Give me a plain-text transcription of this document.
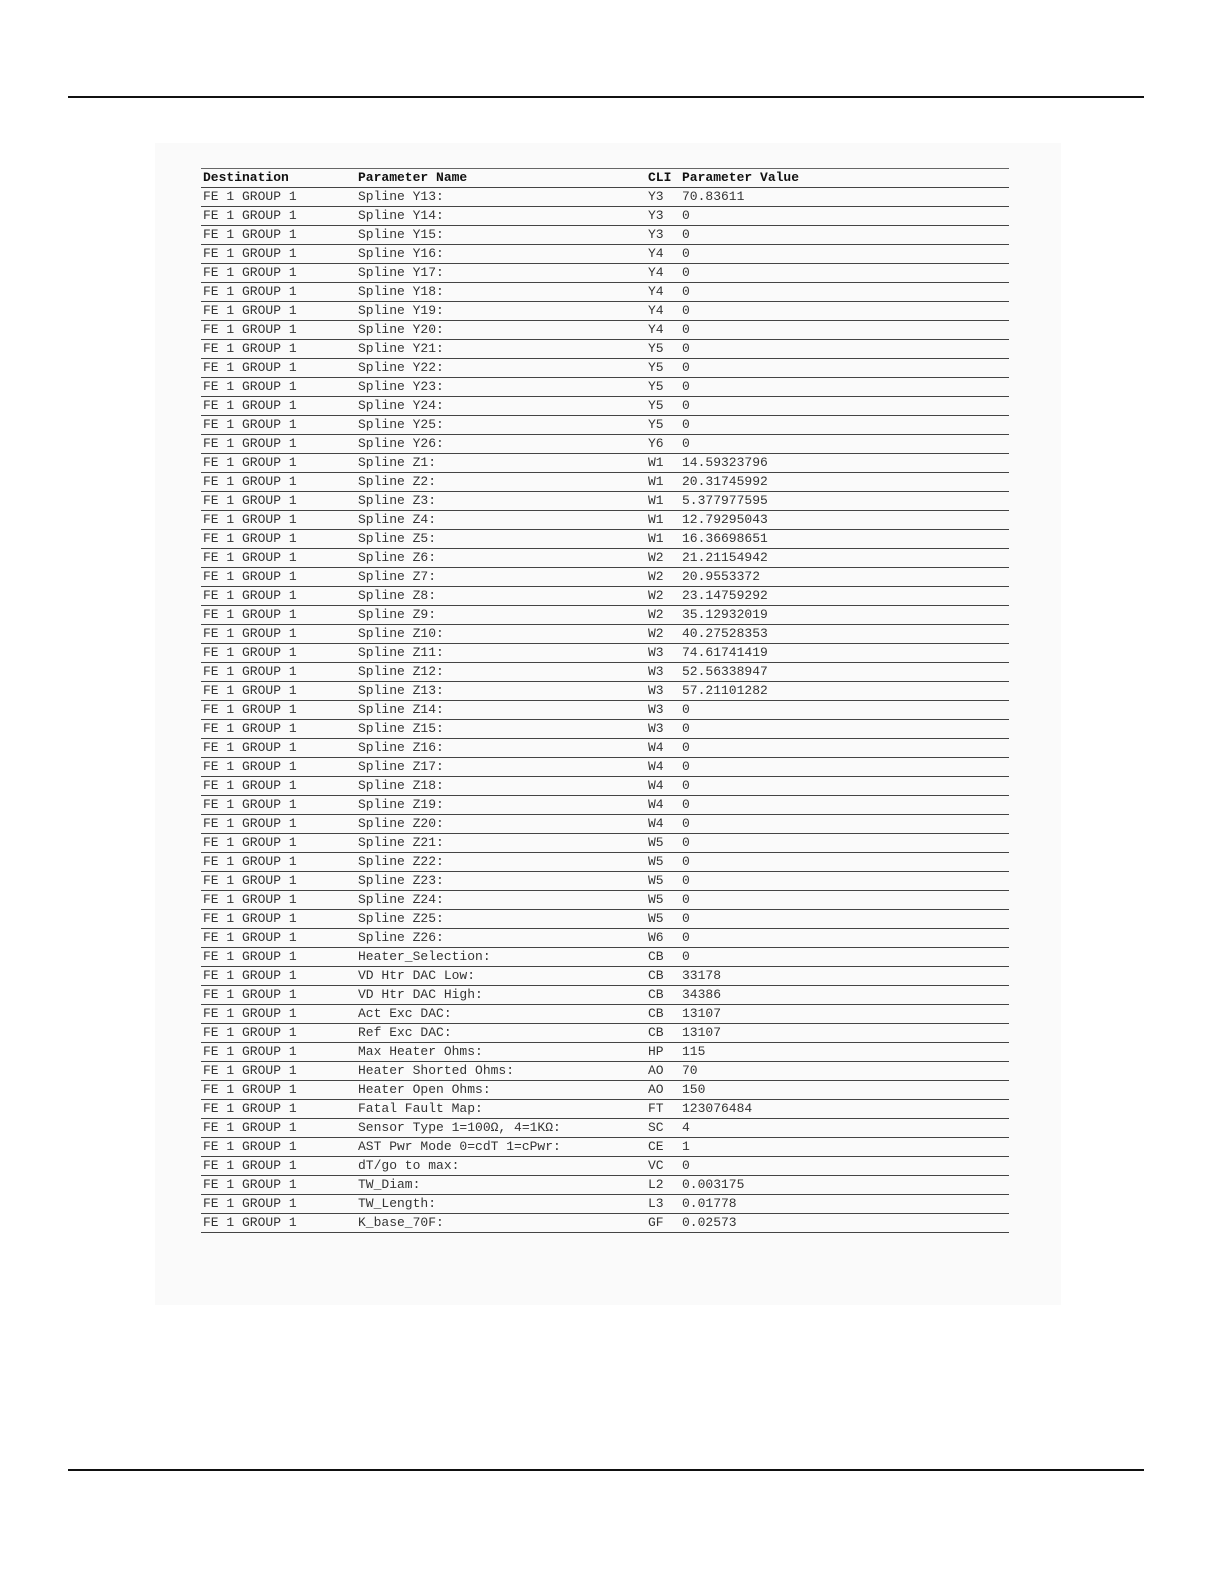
Destination	Parameter Name	CLI	Parameter Value
FE 1 GROUP 1	Spline Y13:	Y3	70.83611
FE 1 GROUP 1	Spline Y14:	Y3	0
FE 1 GROUP 1	Spline Y15:	Y3	0
FE 1 GROUP 1	Spline Y16:	Y4	0
FE 1 GROUP 1	Spline Y17:	Y4	0
FE 1 GROUP 1	Spline Y18:	Y4	0
FE 1 GROUP 1	Spline Y19:	Y4	0
FE 1 GROUP 1	Spline Y20:	Y4	0
FE 1 GROUP 1	Spline Y21:	Y5	0
FE 1 GROUP 1	Spline Y22:	Y5	0
FE 1 GROUP 1	Spline Y23:	Y5	0
FE 1 GROUP 1	Spline Y24:	Y5	0
FE 1 GROUP 1	Spline Y25:	Y5	0
FE 1 GROUP 1	Spline Y26:	Y6	0
FE 1 GROUP 1	Spline Z1:	W1	14.59323796
FE 1 GROUP 1	Spline Z2:	W1	20.31745992
FE 1 GROUP 1	Spline Z3:	W1	5.377977595
FE 1 GROUP 1	Spline Z4:	W1	12.79295043
FE 1 GROUP 1	Spline Z5:	W1	16.36698651
FE 1 GROUP 1	Spline Z6:	W2	21.21154942
FE 1 GROUP 1	Spline Z7:	W2	20.9553372
FE 1 GROUP 1	Spline Z8:	W2	23.14759292
FE 1 GROUP 1	Spline Z9:	W2	35.12932019
FE 1 GROUP 1	Spline Z10:	W2	40.27528353
FE 1 GROUP 1	Spline Z11:	W3	74.61741419
FE 1 GROUP 1	Spline Z12:	W3	52.56338947
FE 1 GROUP 1	Spline Z13:	W3	57.21101282
FE 1 GROUP 1	Spline Z14:	W3	0
FE 1 GROUP 1	Spline Z15:	W3	0
FE 1 GROUP 1	Spline Z16:	W4	0
FE 1 GROUP 1	Spline Z17:	W4	0
FE 1 GROUP 1	Spline Z18:	W4	0
FE 1 GROUP 1	Spline Z19:	W4	0
FE 1 GROUP 1	Spline Z20:	W4	0
FE 1 GROUP 1	Spline Z21:	W5	0
FE 1 GROUP 1	Spline Z22:	W5	0
FE 1 GROUP 1	Spline Z23:	W5	0
FE 1 GROUP 1	Spline Z24:	W5	0
FE 1 GROUP 1	Spline Z25:	W5	0
FE 1 GROUP 1	Spline Z26:	W6	0
FE 1 GROUP 1	Heater_Selection:	CB	0
FE 1 GROUP 1	VD Htr DAC Low:	CB	33178
FE 1 GROUP 1	VD Htr DAC High:	CB	34386
FE 1 GROUP 1	Act Exc DAC:	CB	13107
FE 1 GROUP 1	Ref Exc DAC:	CB	13107
FE 1 GROUP 1	Max Heater Ohms:	HP	115
FE 1 GROUP 1	Heater Shorted Ohms:	AO	70
FE 1 GROUP 1	Heater Open Ohms:	AO	150
FE 1 GROUP 1	Fatal Fault Map:	FT	123076484
FE 1 GROUP 1	Sensor Type 1=100Ω, 4=1KΩ:	SC	4
FE 1 GROUP 1	AST Pwr Mode 0=cdT 1=cPwr:	CE	1
FE 1 GROUP 1	dT/go to max:	VC	0
FE 1 GROUP 1	TW_Diam:	L2	0.003175
FE 1 GROUP 1	TW_Length:	L3	0.01778
FE 1 GROUP 1	K_base_70F:	GF	0.02573
